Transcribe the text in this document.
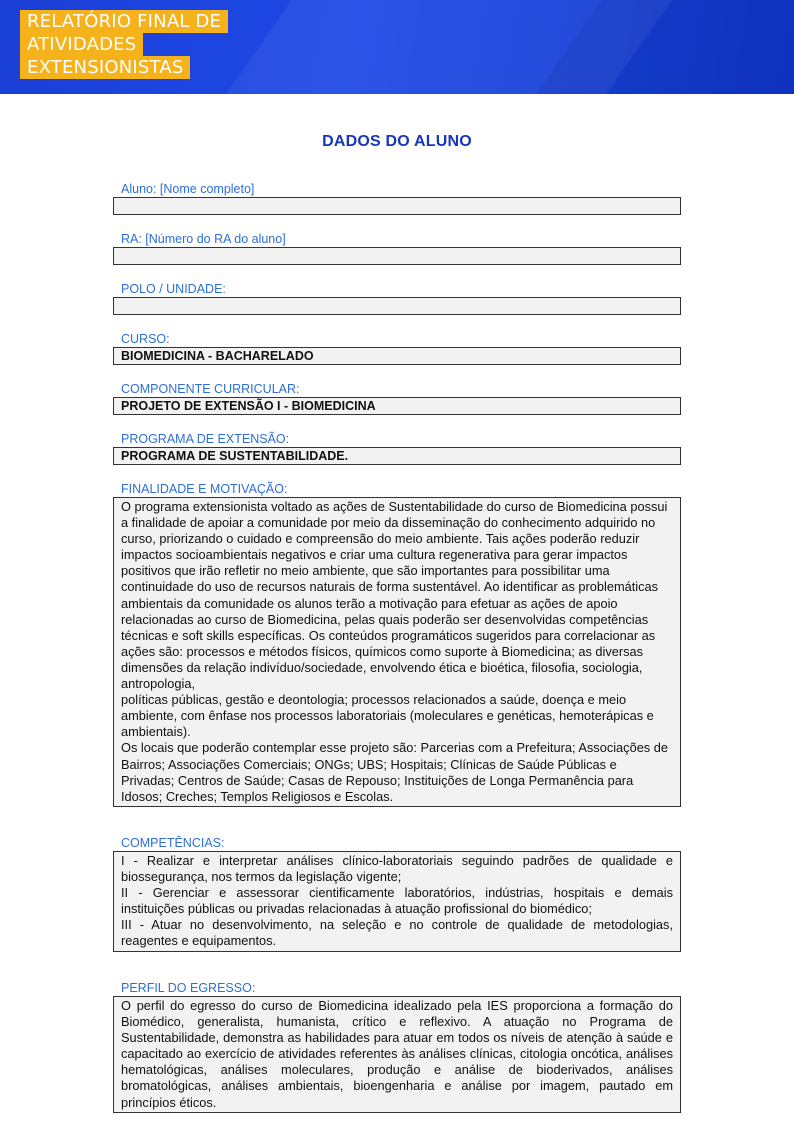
RELATÓRIO FINAL DE
ATIVIDADES
EXTENSIONISTAS
DADOS DO ALUNO
Aluno: [Nome completo]
RA: [Número do RA do aluno]
POLO / UNIDADE:
CURSO:
BIOMEDICINA - BACHARELADO
COMPONENTE CURRICULAR:
PROJETO DE EXTENSÃO I - BIOMEDICINA
PROGRAMA DE EXTENSÃO:
PROGRAMA DE SUSTENTABILIDADE.
FINALIDADE E MOTIVAÇÃO:
O programa extensionista voltado as ações de Sustentabilidade do curso de Biomedicina possui a finalidade de apoiar a comunidade por meio da disseminação do conhecimento adquirido no curso, priorizando o cuidado e compreensão do meio ambiente. Tais ações poderão reduzir impactos socioambientais negativos e criar uma cultura regenerativa para gerar impactos positivos que irão refletir no meio ambiente, que são importantes para possibilitar uma continuidade do uso de recursos naturais de forma sustentável. Ao identificar as problemáticas ambientais da comunidade os alunos terão a motivação para efetuar as ações de apoio relacionadas ao curso de Biomedicina, pelas quais poderão ser desenvolvidas competências técnicas e soft skills específicas. Os conteúdos programáticos sugeridos para correlacionar as ações são: processos e métodos físicos, químicos como suporte à Biomedicina; as diversas dimensões da relação indivíduo/sociedade, envolvendo ética e bioética, filosofia, sociologia, antropologia,
políticas públicas, gestão e deontologia; processos relacionados a saúde, doença e meio ambiente, com ênfase nos processos laboratoriais (moleculares e genéticas, hemoterápicas e ambientais).
Os locais que poderão contemplar esse projeto são: Parcerias com a Prefeitura; Associações de Bairros; Associações Comerciais; ONGs; UBS; Hospitais; Clínicas de Saúde Públicas e Privadas; Centros de Saúde; Casas de Repouso; Instituições de Longa Permanência para Idosos; Creches; Templos Religiosos e Escolas.
COMPETÊNCIAS:
I - Realizar e interpretar análises clínico-laboratoriais seguindo padrões de qualidade e biossegurança, nos termos da legislação vigente;
II - Gerenciar e assessorar cientificamente laboratórios, indústrias, hospitais e demais instituições públicas ou privadas relacionadas à atuação profissional do biomédico;
III - Atuar no desenvolvimento, na seleção e no controle de qualidade de metodologias, reagentes e equipamentos.
PERFIL DO EGRESSO:
O perfil do egresso do curso de Biomedicina idealizado pela IES proporciona a formação do Biomédico, generalista, humanista, crítico e reflexivo. A atuação no Programa de Sustentabilidade, demonstra as habilidades para atuar em todos os níveis de atenção à saúde e capacitado ao exercício de atividades referentes às análises clínicas, citologia oncótica, análises hematológicas, análises moleculares, produção e análise de bioderivados, análises bromatológicas, análises ambientais, bioengenharia e análise por imagem, pautado em princípios éticos.
